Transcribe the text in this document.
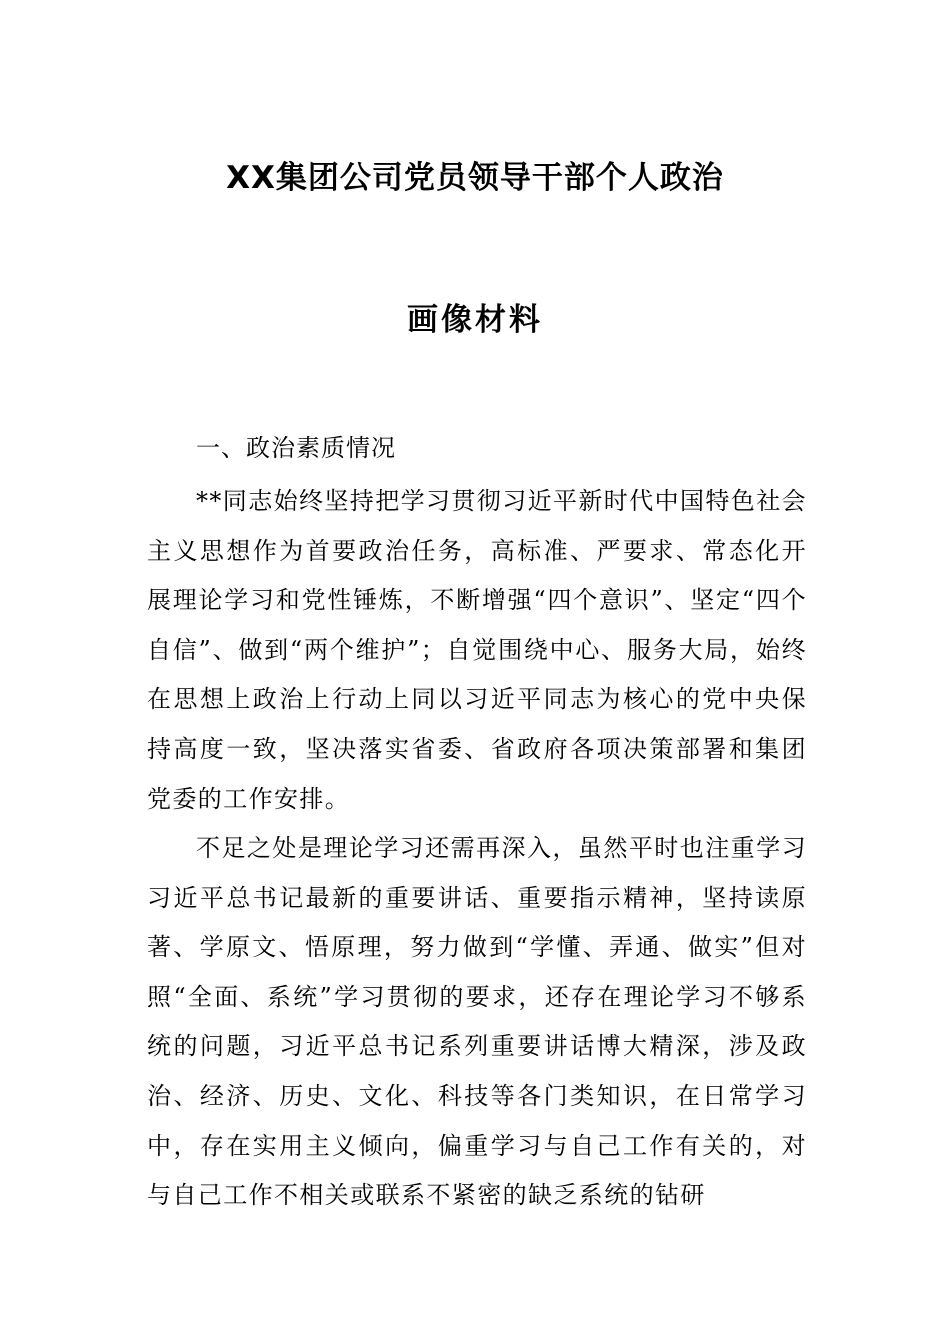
XX集团公司党员领导干部个人政治
画像材料
一、政治素质情况

**同志始终坚持把学习贯彻习近平新时代中国特色社会主义思想作为首要政治任务，高标准、严要求、常态化开展理论学习和党性锤炼，不断增强“四个意识”、坚定“四个自信”、做到“两个维护”；自觉围绕中心、服务大局，始终在思想上政治上行动上同以习近平同志为核心的党中央保持高度一致，坚决落实省委、省政府各项决策部署和集团党委的工作安排。

不足之处是理论学习还需再深入，虽然平时也注重学习习近平总书记最新的重要讲话、重要指示精神，坚持读原著、学原文、悟原理，努力做到“学懂、弄通、做实”但对照“全面、系统”学习贯彻的要求，还存在理论学习不够系统的问题，习近平总书记系列重要讲话博大精深，涉及政治、经济、历史、文化、科技等各门类知识，在日常学习中，存在实用主义倾向，偏重学习与自己工作有关的，对与自己工作不相关或联系不紧密的缺乏系统的钻研
